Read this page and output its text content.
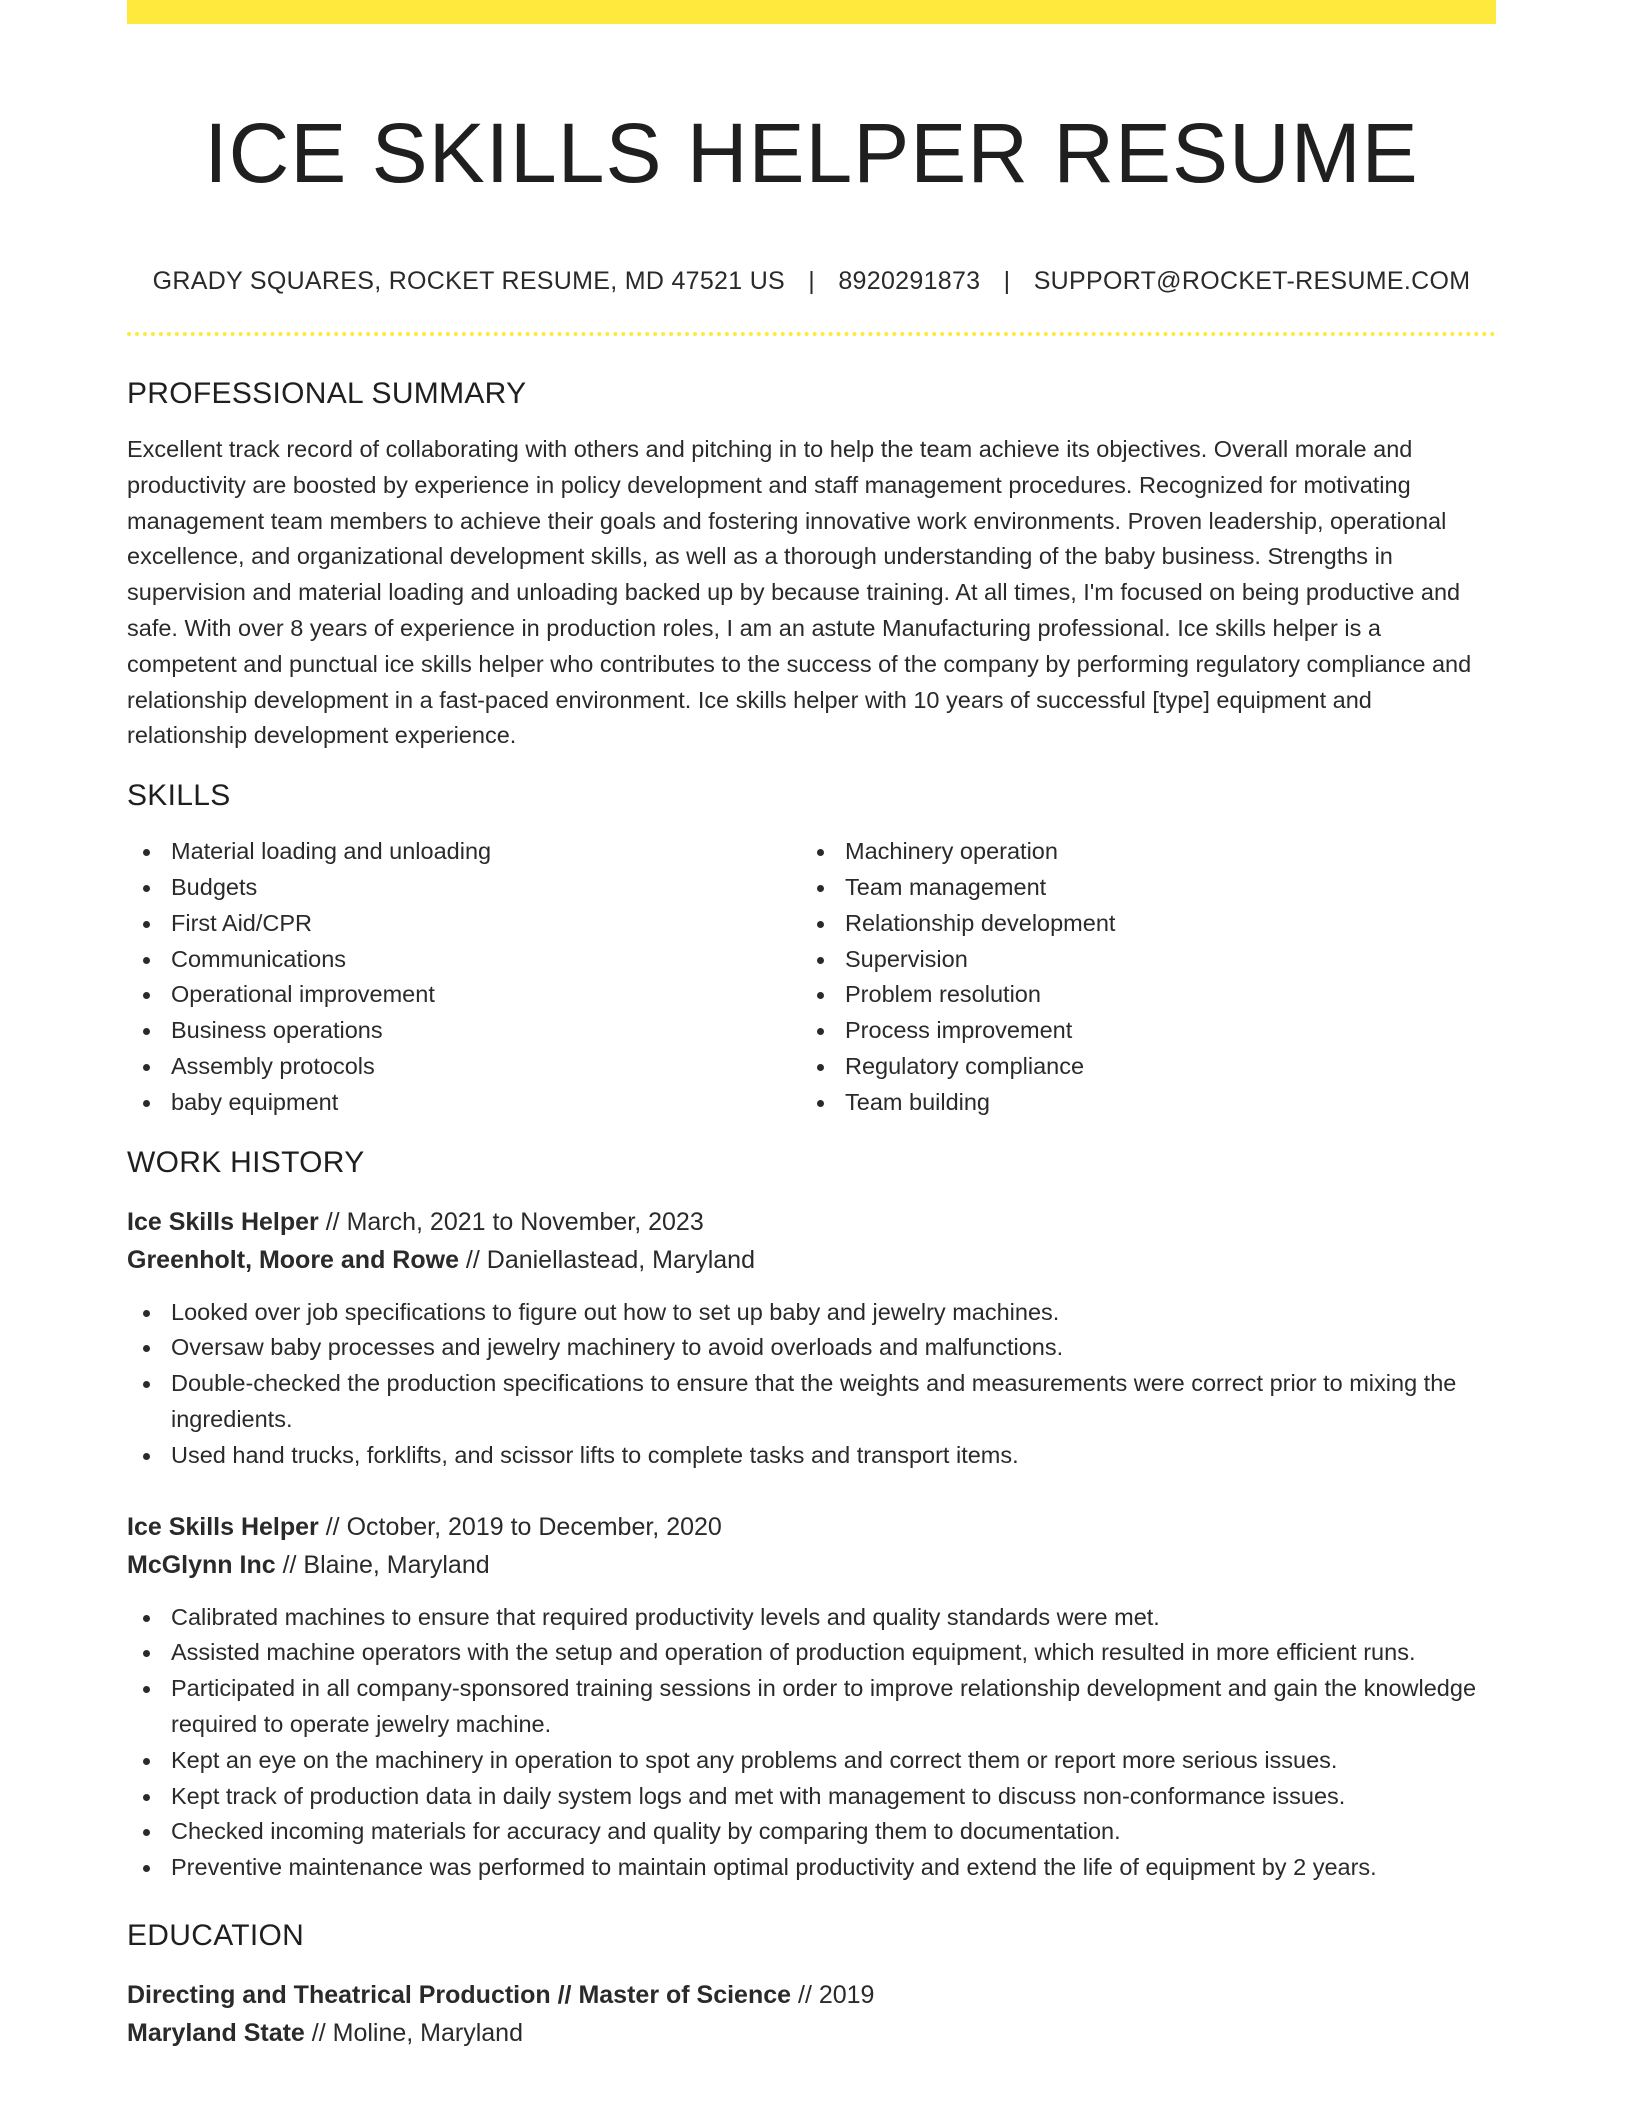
ICE SKILLS HELPER RESUME
GRADY SQUARES, ROCKET RESUME, MD 47521 US | 8920291873 | SUPPORT@ROCKET-RESUME.COM
PROFESSIONAL SUMMARY

Excellent track record of collaborating with others and pitching in to help the team achieve its objectives. Overall morale and productivity are boosted by experience in policy development and staff management procedures. Recognized for motivating management team members to achieve their goals and fostering innovative work environments. Proven leadership, operational excellence, and organizational development skills, as well as a thorough understanding of the baby business. Strengths in supervision and material loading and unloading backed up by because training. At all times, I'm focused on being productive and safe. With over 8 years of experience in production roles, I am an astute Manufacturing professional. Ice skills helper is a competent and punctual ice skills helper who contributes to the success of the company by performing regulatory compliance and relationship development in a fast-paced environment. Ice skills helper with 10 years of successful [type] equipment and relationship development experience.

SKILLS
Material loading and unloading
Budgets
First Aid/CPR
Communications
Operational improvement
Business operations
Assembly protocols
baby equipment
Machinery operation
Team management
Relationship development
Supervision
Problem resolution
Process improvement
Regulatory compliance
Team building
WORK HISTORY
Ice Skills Helper // March, 2021 to November, 2023
Greenholt, Moore and Rowe // Daniellastead, Maryland
Looked over job specifications to figure out how to set up baby and jewelry machines.
Oversaw baby processes and jewelry machinery to avoid overloads and malfunctions.
Double-checked the production specifications to ensure that the weights and measurements were correct prior to mixing the ingredients.
Used hand trucks, forklifts, and scissor lifts to complete tasks and transport items.
Ice Skills Helper // October, 2019 to December, 2020
McGlynn Inc // Blaine, Maryland
Calibrated machines to ensure that required productivity levels and quality standards were met.
Assisted machine operators with the setup and operation of production equipment, which resulted in more efficient runs.
Participated in all company-sponsored training sessions in order to improve relationship development and gain the knowledge required to operate jewelry machine.
Kept an eye on the machinery in operation to spot any problems and correct them or report more serious issues.
Kept track of production data in daily system logs and met with management to discuss non-conformance issues.
Checked incoming materials for accuracy and quality by comparing them to documentation.
Preventive maintenance was performed to maintain optimal productivity and extend the life of equipment by 2 years.
EDUCATION
Directing and Theatrical Production // Master of Science // 2019
Maryland State // Moline, Maryland
